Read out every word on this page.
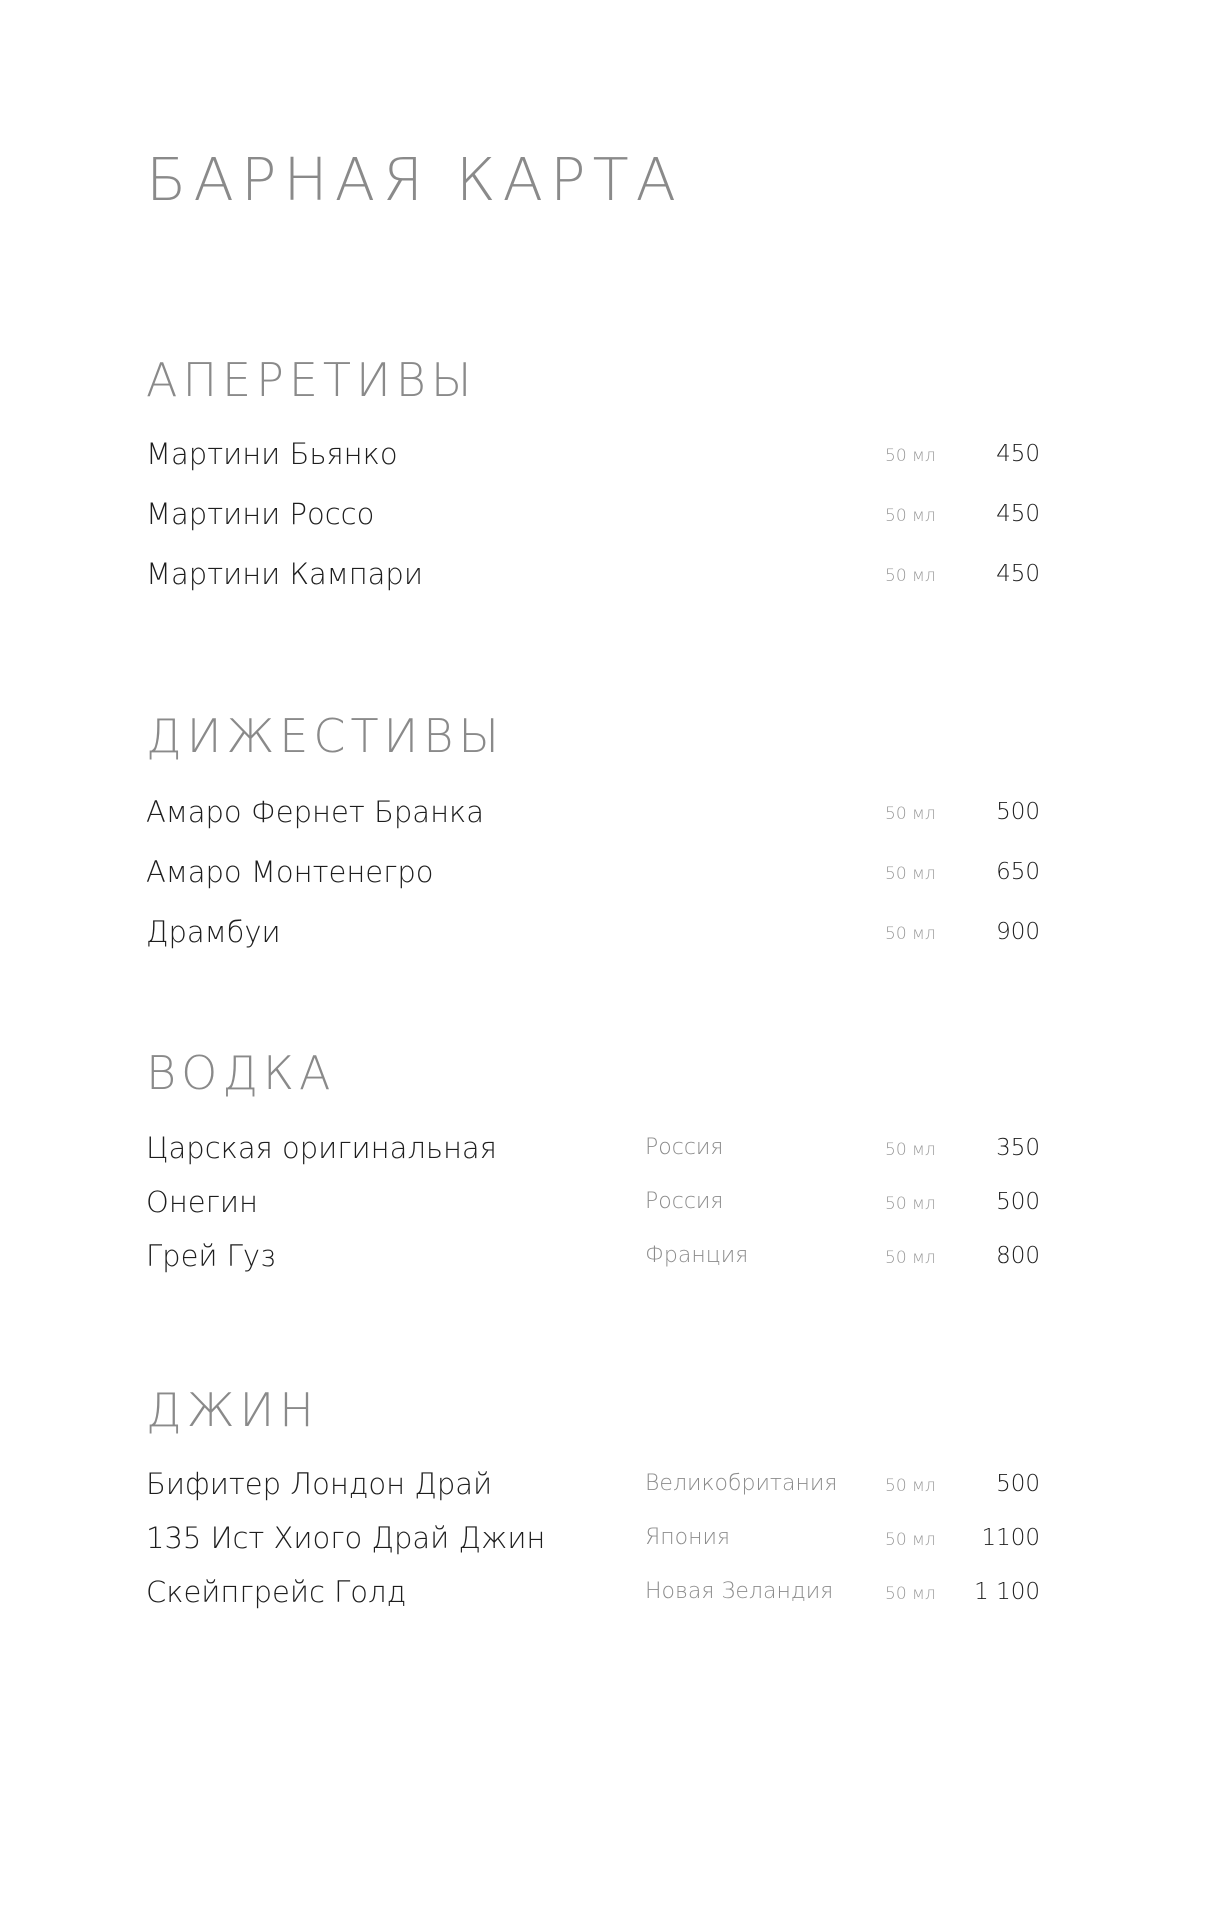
БАРНАЯ КАРТА
АПЕРЕТИВЫ
Мартини Бьянко	50 мл	450
Мартини Россо	50 мл	450
Мартини Кампари	50 мл	450
ДИЖЕСТИВЫ
Амаро Фернет Бранка	50 мл	500
Амаро Монтенегро	50 мл	650
Драмбуи	50 мл	900
ВОДКА
Царская оригинальная	Россия	50 мл	350
Онегин	Россия	50 мл	500
Грей Гуз	Франция	50 мл	800
ДЖИН
Бифитер Лондон Драй	Великобритания	50 мл	500
135 Ист Хиого Драй Джин	Япония	50 мл 1100
Скейпгрейс Голд	Новая Зеландия	50 мл 1 100
